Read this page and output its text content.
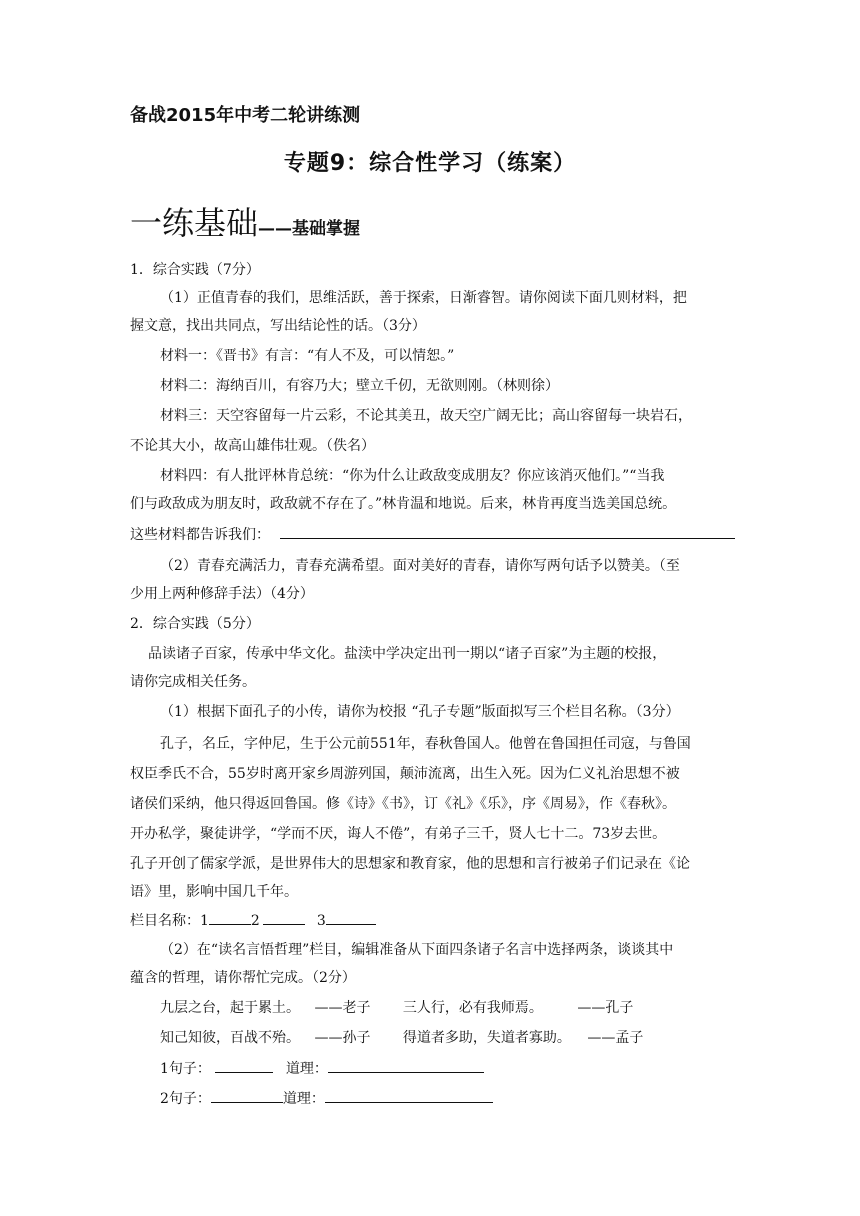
备战2015年中考二轮讲练测
专题9：综合性学习（练案）
一练基础——基础掌握
1．综合实践（7分）
（1）正值青春的我们，思维活跃，善于探索，日渐睿智。请你阅读下面几则材料，把
握文意，找出共同点，写出结论性的话。（3分）
材料一：《晋书》有言：“有人不及，可以情恕。”
材料二：海纳百川，有容乃大；壁立千仞，无欲则刚。（林则徐）
材料三：天空容留每一片云彩，不论其美丑，故天空广阔无比；高山容留每一块岩石，
不论其大小，故高山雄伟壮观。（佚名）
材料四：有人批评林肯总统：“你为什么让政敌变成朋友？你应该消灭他们。”“当我
们与政敌成为朋友时，政敌就不存在了。”林肯温和地说。后来，林肯再度当选美国总统。
这些材料都告诉我们：
（2）青春充满活力，青春充满希望。面对美好的青春，请你写两句话予以赞美。（至
少用上两种修辞手法）（4分）
2．综合实践（5分）
品读诸子百家，传承中华文化。盐渎中学决定出刊一期以“诸子百家”为主题的校报，
请你完成相关任务。
（1）根据下面孔子的小传，请你为校报 “孔子专题”版面拟写三个栏目名称。（3分）
孔子，名丘，字仲尼，生于公元前551年，春秋鲁国人。他曾在鲁国担任司寇，与鲁国
权臣季氏不合，55岁时离开家乡周游列国，颠沛流离，出生入死。因为仁义礼治思想不被
诸侯们采纳，他只得返回鲁国。修《诗》《书》，订《礼》《乐》，序《周易》，作《春秋》。
开办私学，聚徒讲学，“学而不厌，诲人不倦”，有弟子三千，贤人七十二。73岁去世。
孔子开创了儒家学派，是世界伟大的思想家和教育家，他的思想和言行被弟子们记录在《论
语》里，影响中国几千年。
栏目名称：1	2	3
（2）在“读名言悟哲理”栏目，编辑准备从下面四条诸子名言中选择两条，谈谈其中
蕴含的哲理，请你帮忙完成。（2分）
九层之台，起于累土。 ——老子 三人行，必有我师焉。 ——孔子
知己知彼，百战不殆。 ——孙子 得道者多助，失道者寡助。 ——孟子
1句子：	道理：
2句子：	道理：
